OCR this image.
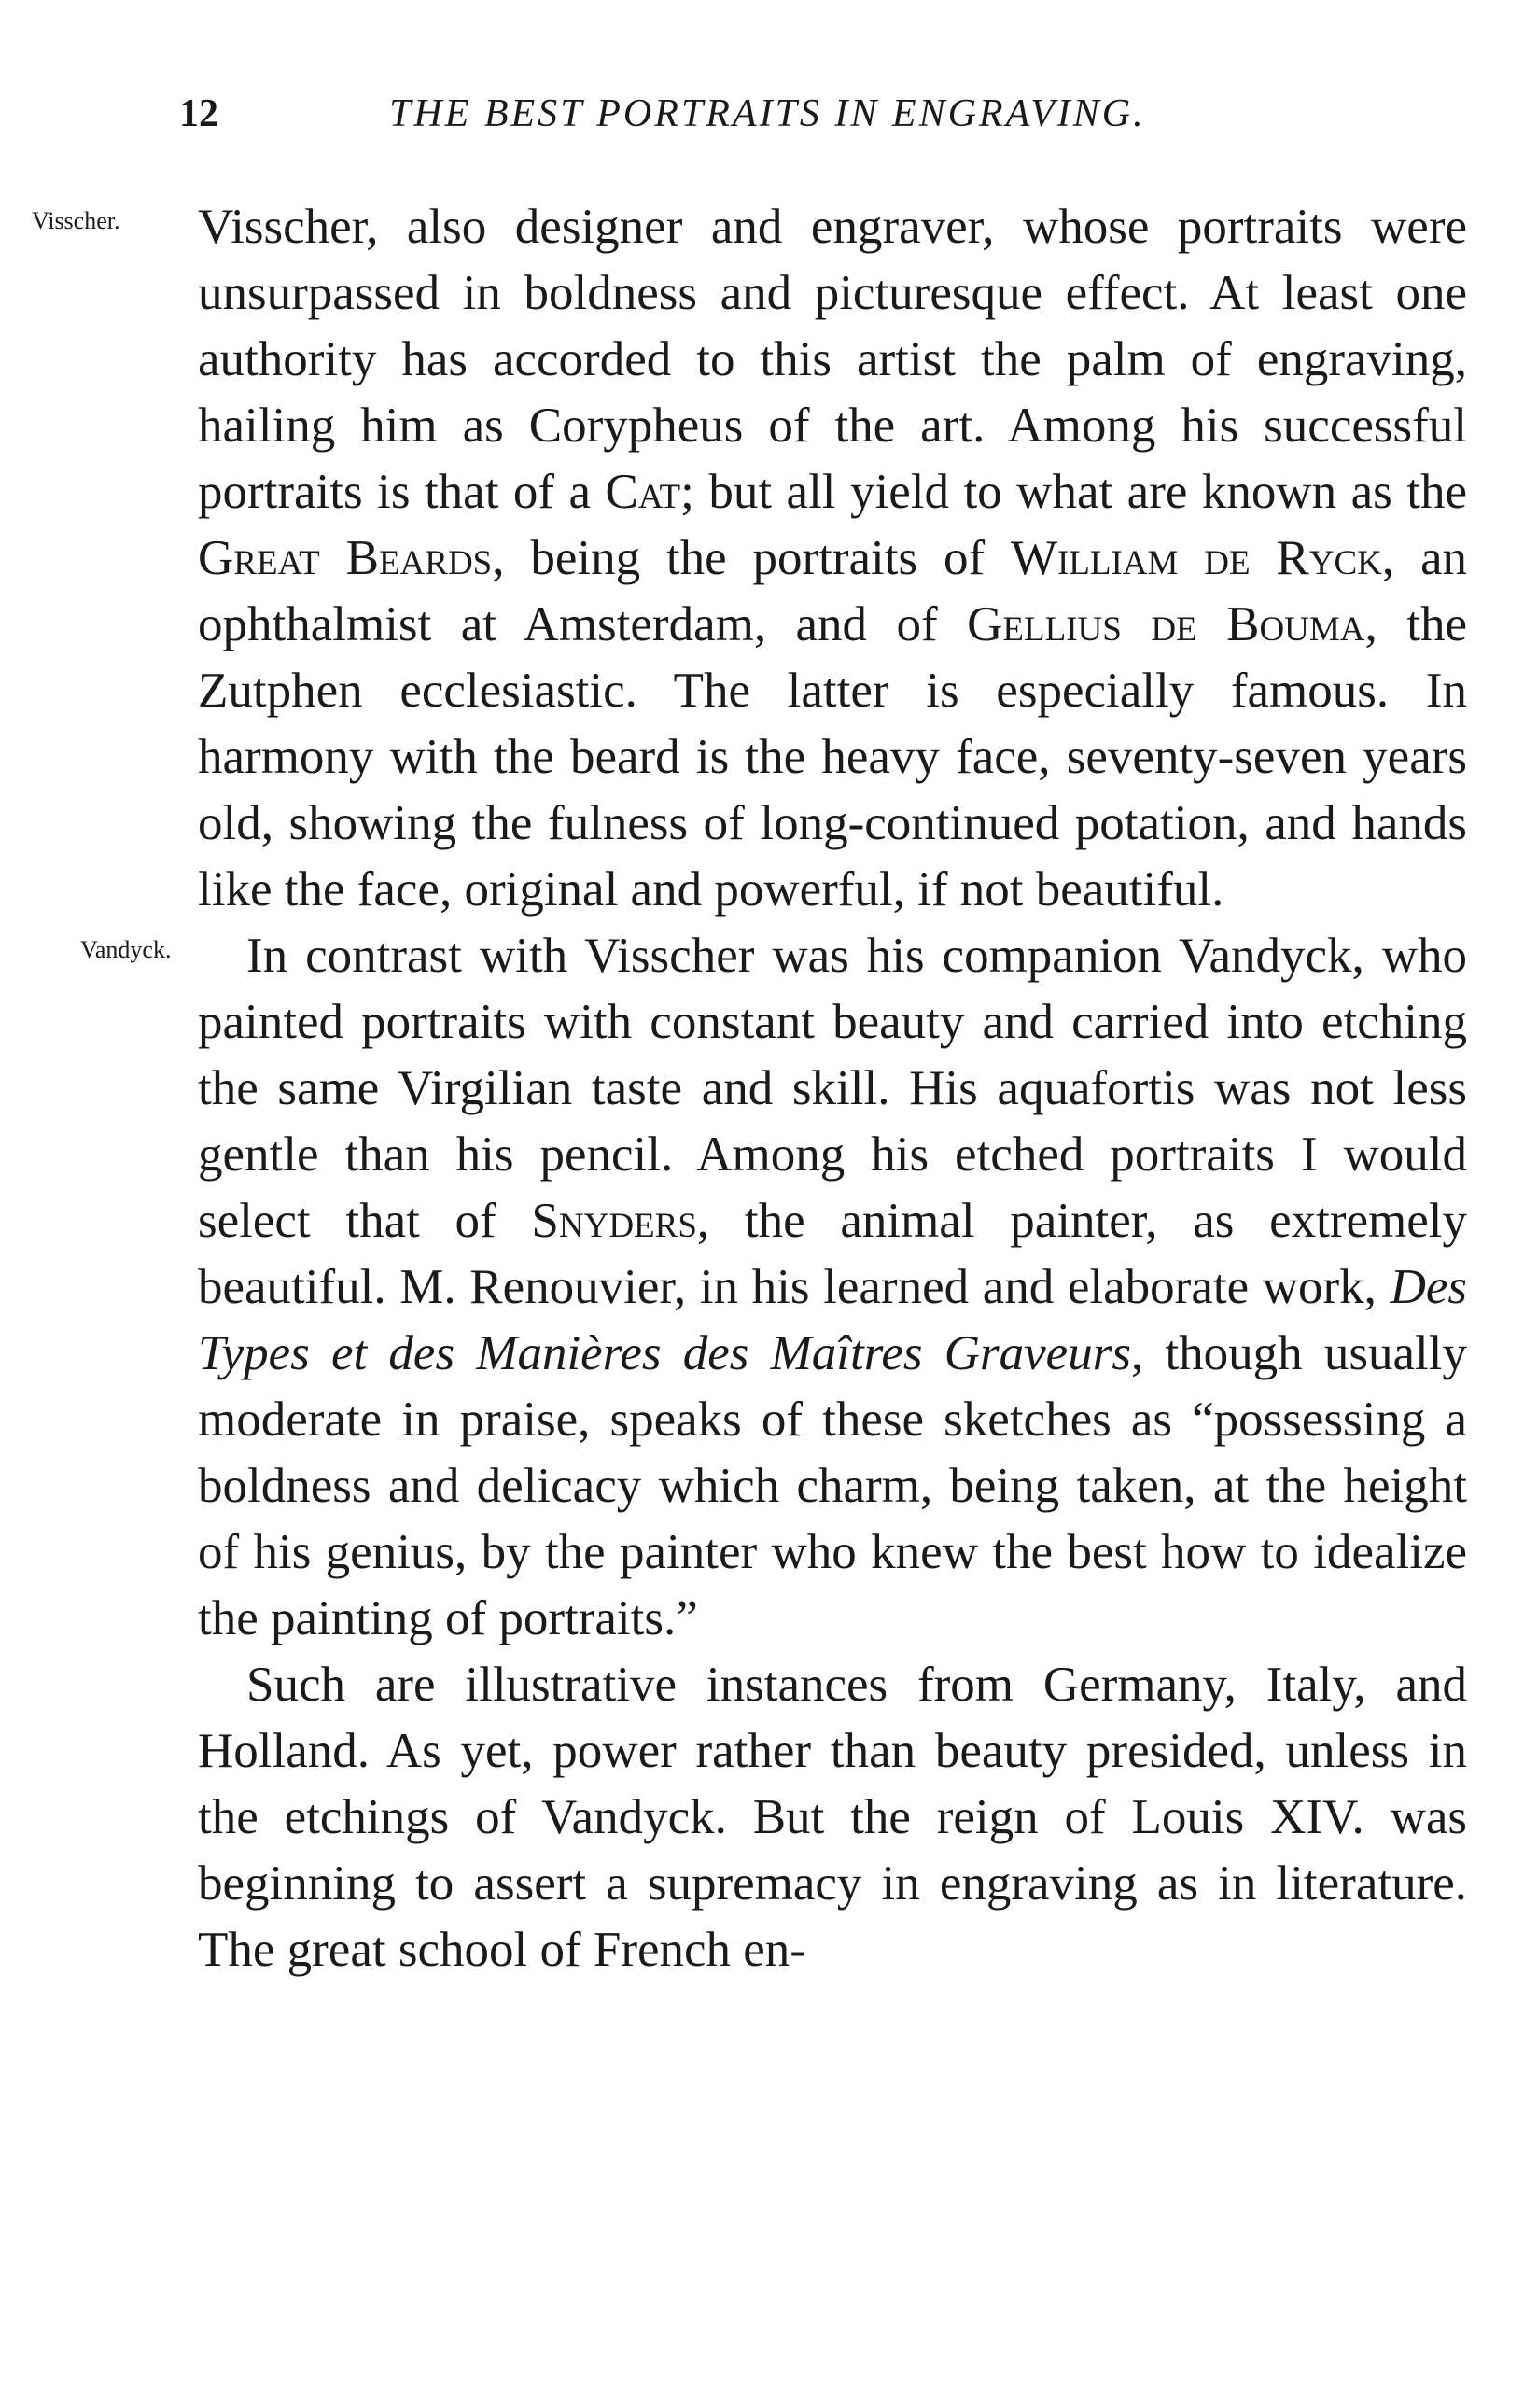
12	THE BEST PORTRAITS IN ENGRAVING.

Visscher. Visscher, also designer and engraver, whose portraits were unsurpassed in boldness and picturesque effect. At least one authority has accorded to this artist the palm of engraving, hailing him as Coryphеus of the art. Among his successful portraits is that of a Cat; but all yield to what are known as the Great Beards, being the portraits of William de Ryck, an ophthalmist at Amsterdam, and of Gellius de Bouma, the Zutphen ecclesiastic. The latter is especially famous. In harmony with the beard is the heavy face, seventy-seven years old, showing the fulness of long-continued potation, and hands like the face, original and powerful, if not beautiful.

Vandyck. In contrast with Visscher was his companion Vandyck, who painted portraits with constant beauty and carried into etching the same Virgilian taste and skill. His aquafortis was not less gentle than his pencil. Among his etched portraits I would select that of Snyders, the animal painter, as extremely beautiful. M. Renouvier, in his learned and elaborate work, Des Types et des Manières des Maîtres Graveurs, though usually moderate in praise, speaks of these sketches as “possessing a boldness and delicacy which charm, being taken, at the height of his genius, by the painter who knew the best how to idealize the painting of portraits.”

Such are illustrative instances from Germany, Italy, and Holland. As yet, power rather than beauty presided, unless in the etchings of Vandyck. But the reign of Louis XIV. was beginning to assert a supremacy in engraving as in literature. The great school of French en-
